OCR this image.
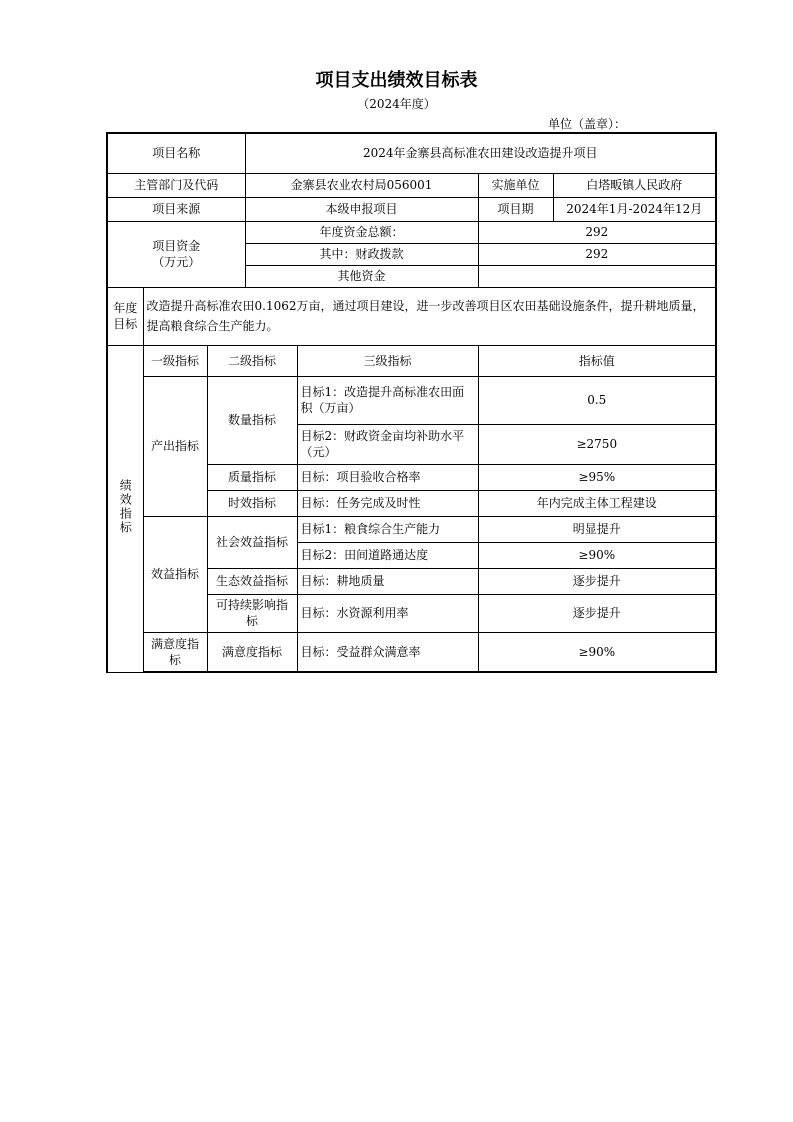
项目支出绩效目标表
（2024年度）
单位（盖章）：
项目名称			2024年金寨县高标准农田建设改造提升项目			
主管部门及代码			金寨县农业农村局056001		实施单位	白塔畈镇人民政府
项目来源			本级申报项目		项目期	2024年1月-2024年12月
项目资金
（万元）			年度资金总额：		292	
			其中：财政拨款		292	
			其他资金			
年度
目标	改造提升高标准农田0.1062万亩，通过项目建设，进一步改善项目区农田基础设施条件，提升耕地质量，提高粮食综合生产能力。					
绩效指标	一级指标	二级指标		三级指标	指标值	
	产出指标	数量指标		目标1：改造提升高标准农田面积（万亩）	0.5	
				目标2：财政资金亩均补助水平（元）	≥2750	
		质量指标		目标：项目验收合格率	≥95%	
		时效指标		目标：任务完成及时性	年内完成主体工程建设	
	效益指标	社会效益指标		目标1：粮食综合生产能力	明显提升	
				目标2：田间道路通达度	≥90%	
		生态效益指标		目标：耕地质量	逐步提升	
		可持续影响指标		目标：水资源利用率	逐步提升	
	满意度指标	满意度指标		目标：受益群众满意率	≥90%	
